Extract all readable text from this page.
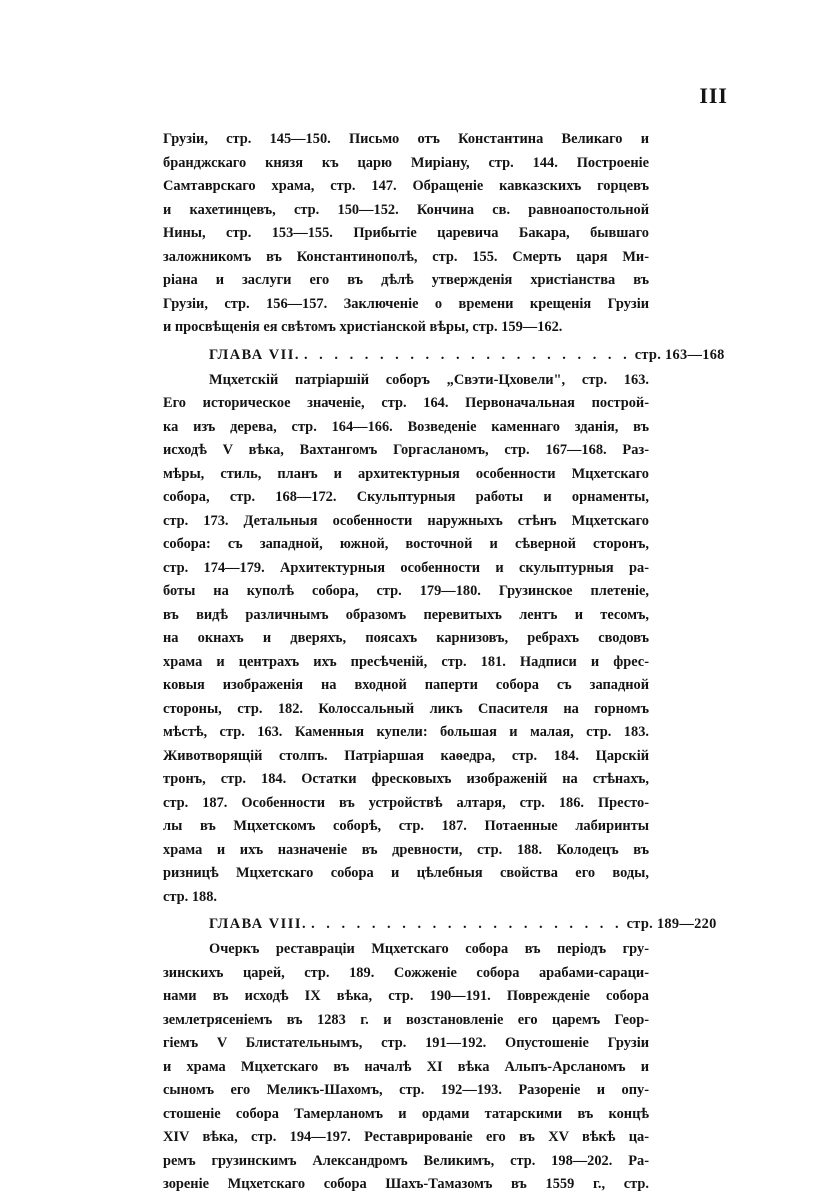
III
Грузіи, стр. 145—150. Письмо отъ Константина Великаго и
бранджскаго князя къ царю Миріану, стр. 144. Построеніе
Самтаврскаго храма, стр. 147. Обращеніе кавказскихъ горцевъ
и кахетинцевъ, стр. 150—152. Кончина св. равноапостольной
Нины, стр. 153—155. Прибытіе царевича Бакара, бывшаго
заложникомъ въ Константинополѣ, стр. 155. Смерть царя Ми-
ріана и заслуги его въ дѣлѣ утвержденія христіанства въ
Грузіи, стр. 156—157. Заключеніе о времени крещенія Грузіи
и просвѣщенія ея свѣтомъ христіанской вѣры, стр. 159—162.
ГЛАВА VII. . . . . . . . . . . . . . . . . . . . . . . стр. 163—168
Мцхетскій патріаршій соборъ „Свэти-Цховели", стр. 163.
Его историческое значеніе, стр. 164. Первоначальная построй-
ка изъ дерева, стр. 164—166. Возведеніе каменнаго зданія, въ
исходѣ V вѣка, Вахтангомъ Горгасланомъ, стр. 167—168. Раз-
мѣры, стиль, планъ и архитектурныя особенности Мцхетскаго
собора, стр. 168—172. Скульптурныя работы и орнаменты,
стр. 173. Детальныя особенности наружныхъ стѣнъ Мцхетскаго
собора: съ западной, южной, восточной и сѣверной сторонъ,
стр. 174—179. Архитектурныя особенности и скульптурныя ра-
боты на куполѣ собора, стр. 179—180. Грузинское плетеніе,
въ видѣ различнымъ образомъ перевитыхъ лентъ и тесомъ,
на окнахъ и дверяхъ, поясахъ карнизовъ, ребрахъ сводовъ
храма и центрахъ ихъ пресѣченій, стр. 181. Надписи и фрес-
ковыя изображенія на входной паперти собора съ западной
стороны, стр. 182. Колоссальный ликъ Спасителя на горномъ
мѣстѣ, стр. 163. Каменныя купели: большая и малая, стр. 183.
Животворящій столпъ. Патріаршая каѳедра, стр. 184. Царскій
тронъ, стр. 184. Остатки фресковыхъ изображеній на стѣнахъ,
стр. 187. Особенности въ устройствѣ алтаря, стр. 186. Престо-
лы въ Мцхетскомъ соборѣ, стр. 187. Потаенные лабиринты
храма и ихъ назначеніе въ древности, стр. 188. Колодецъ въ
ризницѣ Мцхетскаго собора и цѣлебныя свойства его воды,
стр. 188.
ГЛАВА VIII. . . . . . . . . . . . . . . . . . . . . . стр. 189—220
Очеркъ реставраціи Мцхетскаго собора въ періодъ гру-
зинскихъ царей, стр. 189. Сожженіе собора арабами-сараци-
нами въ исходѣ IX вѣка, стр. 190—191. Поврежденіе собора
землетрясеніемъ въ 1283 г. и возстановленіе его царемъ Геор-
гіемъ V Блистательнымъ, стр. 191—192. Опустошеніе Грузіи
и храма Мцхетскаго въ началѣ XI вѣка Альпъ-Арсланомъ и
сыномъ его Меликъ-Шахомъ, стр. 192—193. Разореніе и опу-
стошеніе собора Тамерланомъ и ордами татарскими въ концѣ
XIV вѣка, стр. 194—197. Реставрированіе его въ XV вѣкѣ ца-
ремъ грузинскимъ Александромъ Великимъ, стр. 198—202. Ра-
зореніе Мцхетскаго собора Шахъ-Тамазомъ въ 1559 г., стр.
